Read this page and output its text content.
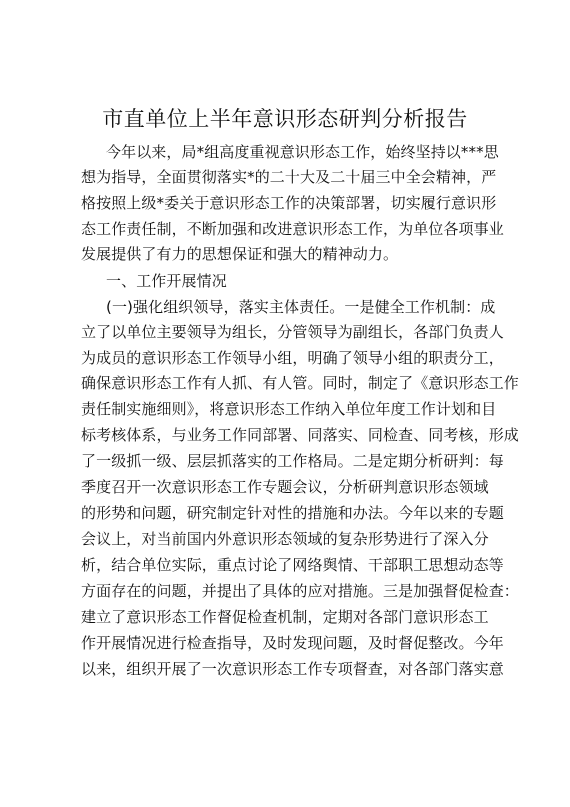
市直单位上半年意识形态研判分析报告
今年以来，局*组高度重视意识形态工作，始终坚持以***思
想为指导，全面贯彻落实*的二十大及二十届三中全会精神，严
格按照上级*委关于意识形态工作的决策部署，切实履行意识形
态工作责任制，不断加强和改进意识形态工作，为单位各项事业
发展提供了有力的思想保证和强大的精神动力。
一、工作开展情况
(一)强化组织领导，落实主体责任。一是健全工作机制：成
立了以单位主要领导为组长，分管领导为副组长，各部门负责人
为成员的意识形态工作领导小组，明确了领导小组的职责分工，
确保意识形态工作有人抓、有人管。同时，制定了《意识形态工作
责任制实施细则》，将意识形态工作纳入单位年度工作计划和目
标考核体系，与业务工作同部署、同落实、同检查、同考核，形成
了一级抓一级、层层抓落实的工作格局。二是定期分析研判：每
季度召开一次意识形态工作专题会议，分析研判意识形态领域
的形势和问题，研究制定针对性的措施和办法。今年以来的专题
会议上，对当前国内外意识形态领域的复杂形势进行了深入分
析，结合单位实际，重点讨论了网络舆情、干部职工思想动态等
方面存在的问题，并提出了具体的应对措施。三是加强督促检查：
建立了意识形态工作督促检查机制，定期对各部门意识形态工
作开展情况进行检查指导，及时发现问题，及时督促整改。今年
以来，组织开展了一次意识形态工作专项督查，对各部门落实意
